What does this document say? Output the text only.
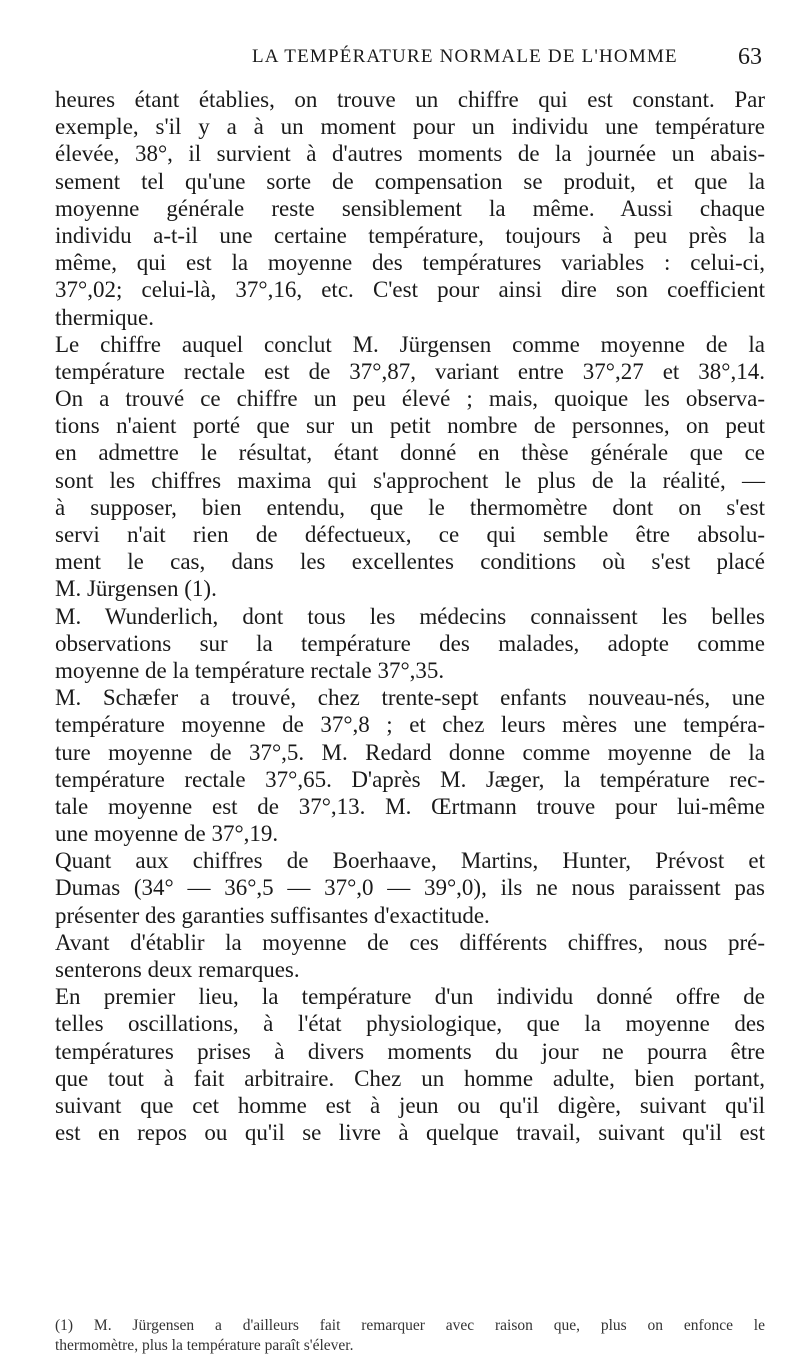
LA TEMPÉRATURE NORMALE DE L'HOMME	63
heures étant établies, on trouve un chiffre qui est constant. Par
exemple, s'il y a à un moment pour un individu une température
élevée, 38°, il survient à d'autres moments de la journée un abais-
sement tel qu'une sorte de compensation se produit, et que la
moyenne générale reste sensiblement la même. Aussi chaque
individu a-t-il une certaine température, toujours à peu près la
même, qui est la moyenne des températures variables : celui-ci,
37°,02; celui-là, 37°,16, etc. C'est pour ainsi dire son coefficient
thermique.
Le chiffre auquel conclut M. Jürgensen comme moyenne de la
température rectale est de 37°,87, variant entre 37°,27 et 38°,14.
On a trouvé ce chiffre un peu élevé ; mais, quoique les observa-
tions n'aient porté que sur un petit nombre de personnes, on peut
en admettre le résultat, étant donné en thèse générale que ce
sont les chiffres maxima qui s'approchent le plus de la réalité, —
à supposer, bien entendu, que le thermomètre dont on s'est
servi n'ait rien de défectueux, ce qui semble être absolu-
ment le cas, dans les excellentes conditions où s'est placé
M. Jürgensen (1).
M. Wunderlich, dont tous les médecins connaissent les belles
observations sur la température des malades, adopte comme
moyenne de la température rectale 37°,35.
M. Schæfer a trouvé, chez trente-sept enfants nouveau-nés, une
température moyenne de 37°,8 ; et chez leurs mères une tempéra-
ture moyenne de 37°,5. M. Redard donne comme moyenne de la
température rectale 37°,65. D'après M. Jæger, la température rec-
tale moyenne est de 37°,13. M. Œrtmann trouve pour lui-même
une moyenne de 37°,19.
Quant aux chiffres de Boerhaave, Martins, Hunter, Prévost et
Dumas (34° — 36°,5 — 37°,0 — 39°,0), ils ne nous paraissent pas
présenter des garanties suffisantes d'exactitude.
Avant d'établir la moyenne de ces différents chiffres, nous pré-
senterons deux remarques.
En premier lieu, la température d'un individu donné offre de
telles oscillations, à l'état physiologique, que la moyenne des
températures prises à divers moments du jour ne pourra être
que tout à fait arbitraire. Chez un homme adulte, bien portant,
suivant que cet homme est à jeun ou qu'il digère, suivant qu'il
est en repos ou qu'il se livre à quelque travail, suivant qu'il est
(1) M. Jürgensen a d'ailleurs fait remarquer avec raison que, plus on enfonce le
thermomètre, plus la température paraît s'élever.
